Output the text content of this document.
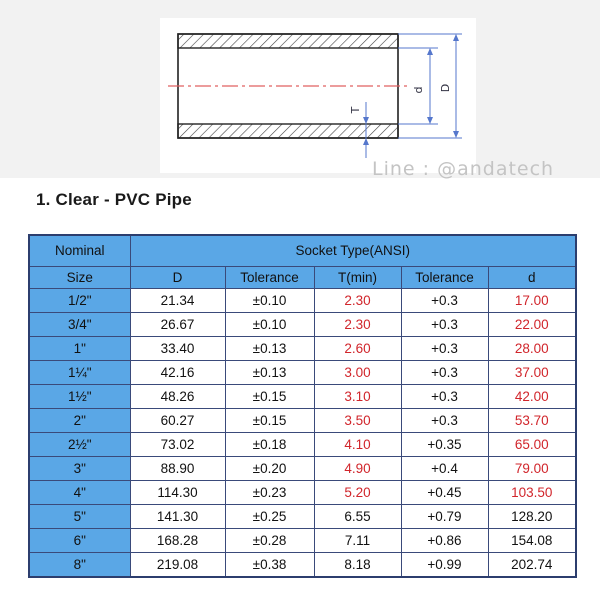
d D
T
Line : @andatech
1. Clear - PVC Pipe
Nominal	Socket Type(ANSI)				
Size	D	Tolerance	T(min)	Tolerance	d
1/2"	21.34	±0.10	2.30	+0.3	17.00
3/4"	26.67	±0.10	2.30	+0.3	22.00
1"	33.40	±0.13	2.60	+0.3	28.00
1¼"	42.16	±0.13	3.00	+0.3	37.00
1½"	48.26	±0.15	3.10	+0.3	42.00
2"	60.27	±0.15	3.50	+0.3	53.70
2½"	73.02	±0.18	4.10	+0.35	65.00
3"	88.90	±0.20	4.90	+0.4	79.00
4"	114.30	±0.23	5.20	+0.45	103.50
5"	141.30	±0.25	6.55	+0.79	128.20
6"	168.28	±0.28	7.11	+0.86	154.08
8"	219.08	±0.38	8.18	+0.99	202.74
